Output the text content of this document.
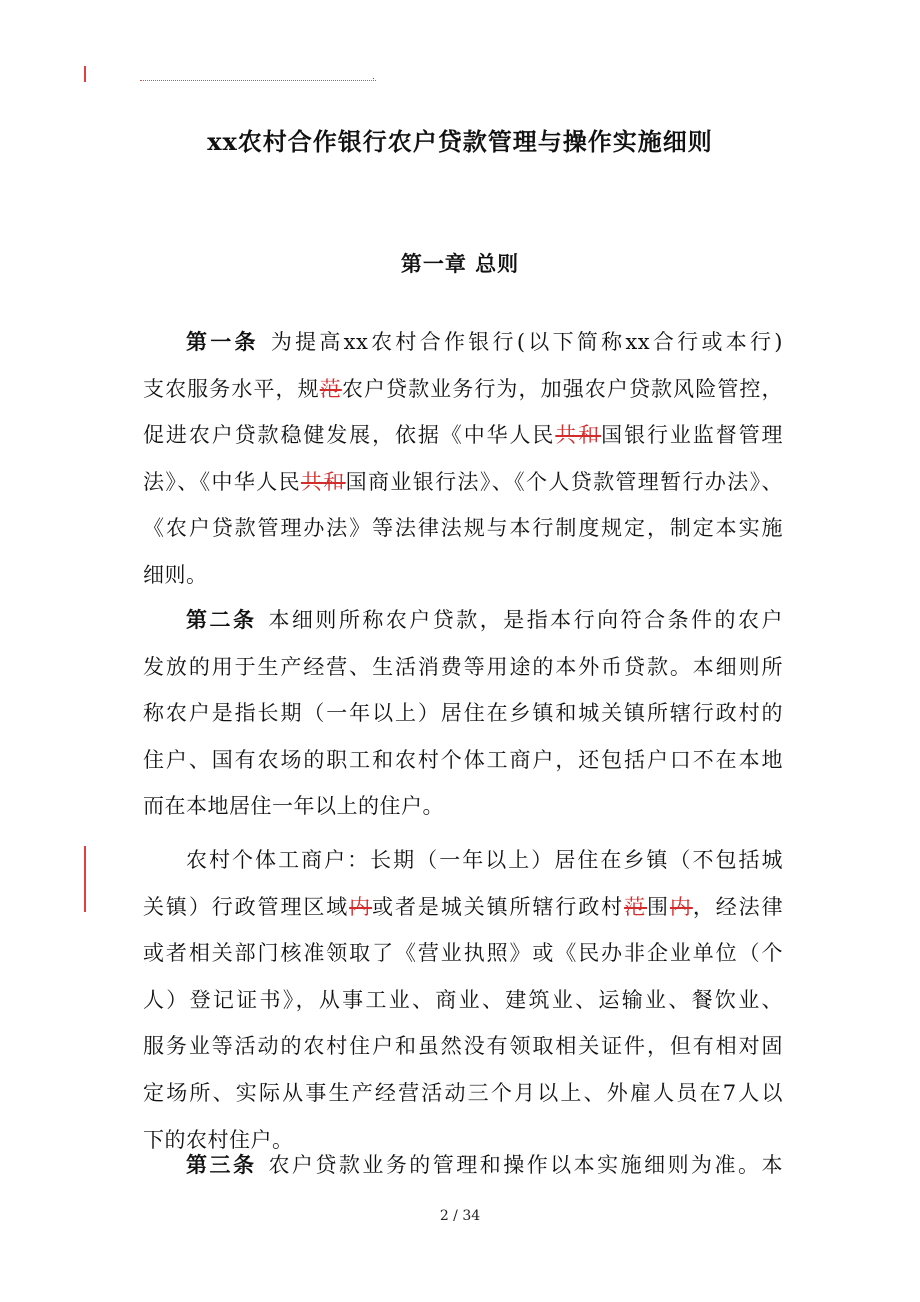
.
xx农村合作银行农户贷款管理与操作实施细则
第一章 总则
第一条 为提高xx农村合作银行(以下简称xx合行或本行)
支农服务水平，规范农户贷款业务行为，加强农户贷款风险管控，
促进农户贷款稳健发展，依据《中华人民共和国银行业监督管理
法》、《中华人民共和国商业银行法》、《个人贷款管理暂行办法》、
《农户贷款管理办法》等法律法规与本行制度规定，制定本实施
细则。
第二条 本细则所称农户贷款，是指本行向符合条件的农户
发放的用于生产经营、生活消费等用途的本外币贷款。本细则所
称农户是指长期（一年以上）居住在乡镇和城关镇所辖行政村的
住户、国有农场的职工和农村个体工商户，还包括户口不在本地
而在本地居住一年以上的住户。
农村个体工商户：长期（一年以上）居住在乡镇（不包括城
关镇）行政管理区域内或者是城关镇所辖行政村范围内，经法律
或者相关部门核准领取了《营业执照》或《民办非企业单位（个
人）登记证书》，从事工业、商业、建筑业、运输业、餐饮业、
服务业等活动的农村住户和虽然没有领取相关证件，但有相对固
定场所、实际从事生产经营活动三个月以上、外雇人员在7人以
下的农村住户。
第三条 农户贷款业务的管理和操作以本实施细则为准。本
2 / 34
